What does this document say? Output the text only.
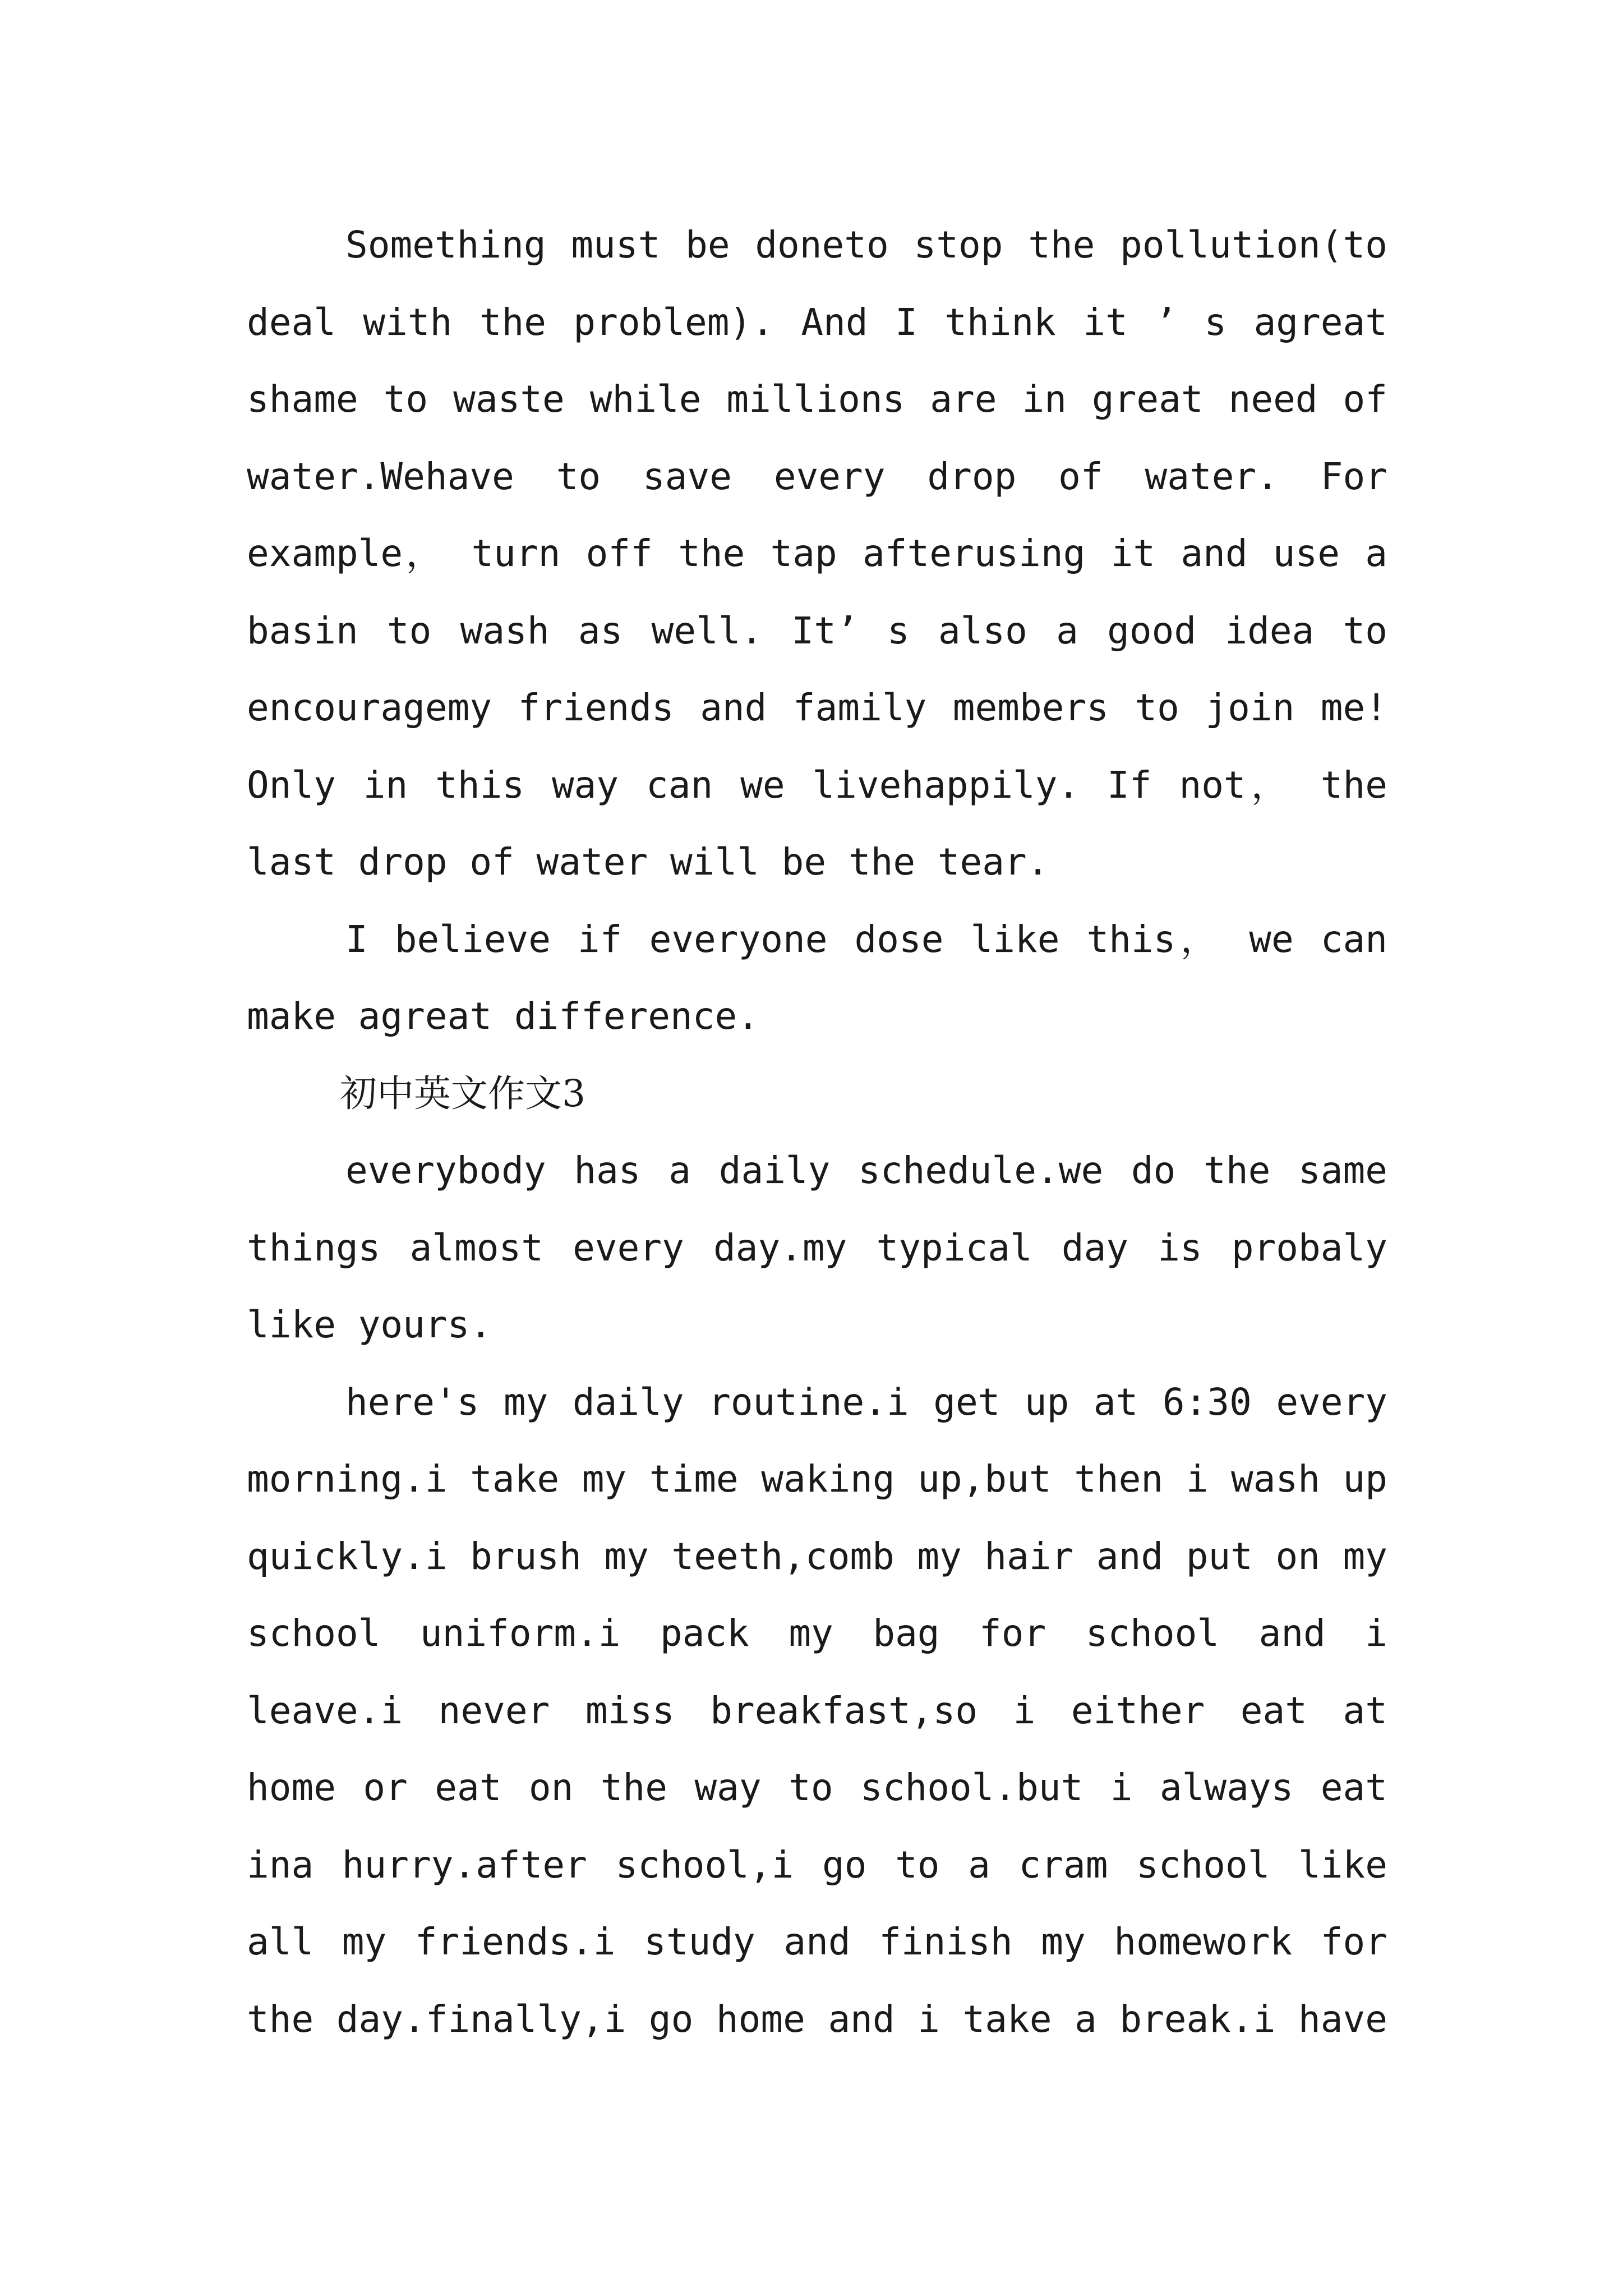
Something must be doneto stop the pollution(to
deal with the problem). And I think it ’ s agreat
shame to waste while millions are in great need of
water.Wehave to save every drop of water. For
example， turn off the tap afterusing it and use a
basin to wash as well. It’ s also a good idea to
encouragemy friends and family members to join me!
Only in this way can we livehappily. If not， the
last drop of water will be the tear.
I believe if everyone dose like this， we can
make agreat difference.
初中英文作文3
everybody has a daily schedule.we do the same
things almost every day.my typical day is probaly
like yours.
here's my daily routine.i get up at 6:30 every
morning.i take my time waking up,but then i wash up
quickly.i brush my teeth,comb my hair and put on my
school uniform.i pack my bag for school and i
leave.i never miss breakfast,so i either eat at
home or eat on the way to school.but i always eat
ina hurry.after school,i go to a cram school like
all my friends.i study and finish my homework for
the day.finally,i go home and i take a break.i have
